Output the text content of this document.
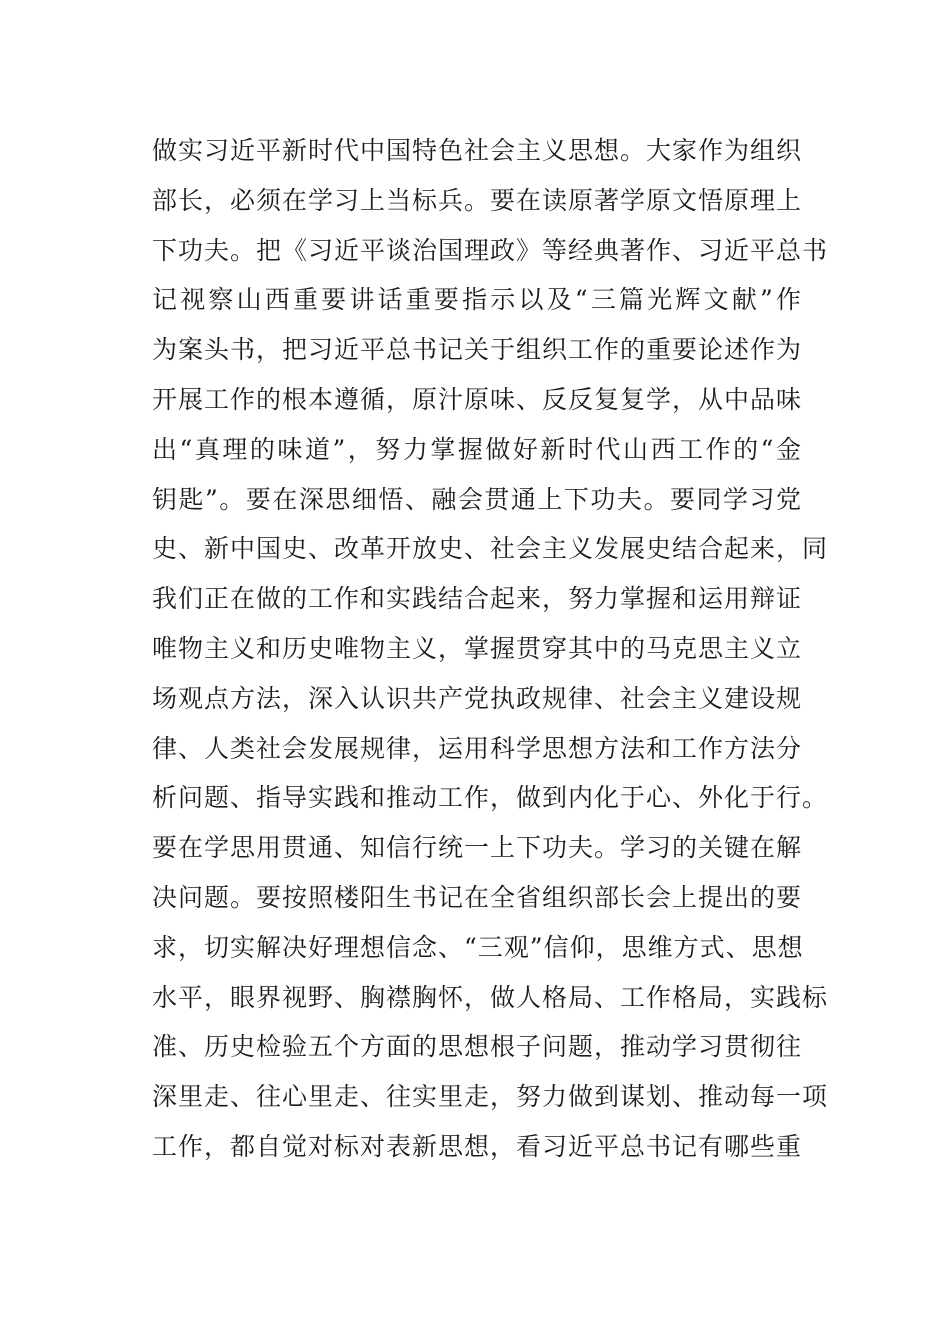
做实习近平新时代中国特色社会主义思想。大家作为组织
部长，必须在学习上当标兵。要在读原著学原文悟原理上
下功夫。把《习近平谈治国理政》等经典著作、习近平总书
记视察山西重要讲话重要指示以及“三篇光辉文献”作
为案头书，把习近平总书记关于组织工作的重要论述作为
开展工作的根本遵循，原汁原味、反反复复学，从中品味
出“真理的味道”，努力掌握做好新时代山西工作的“金
钥匙”。要在深思细悟、融会贯通上下功夫。要同学习党
史、新中国史、改革开放史、社会主义发展史结合起来，同
我们正在做的工作和实践结合起来，努力掌握和运用辩证
唯物主义和历史唯物主义，掌握贯穿其中的马克思主义立
场观点方法，深入认识共产党执政规律、社会主义建设规
律、人类社会发展规律，运用科学思想方法和工作方法分
析问题、指导实践和推动工作，做到内化于心、外化于行。
要在学思用贯通、知信行统一上下功夫。学习的关键在解
决问题。要按照楼阳生书记在全省组织部长会上提出的要
求，切实解决好理想信念、“三观”信仰，思维方式、思想
水平，眼界视野、胸襟胸怀，做人格局、工作格局，实践标
准、历史检验五个方面的思想根子问题，推动学习贯彻往
深里走、往心里走、往实里走，努力做到谋划、推动每一项
工作，都自觉对标对表新思想，看习近平总书记有哪些重
